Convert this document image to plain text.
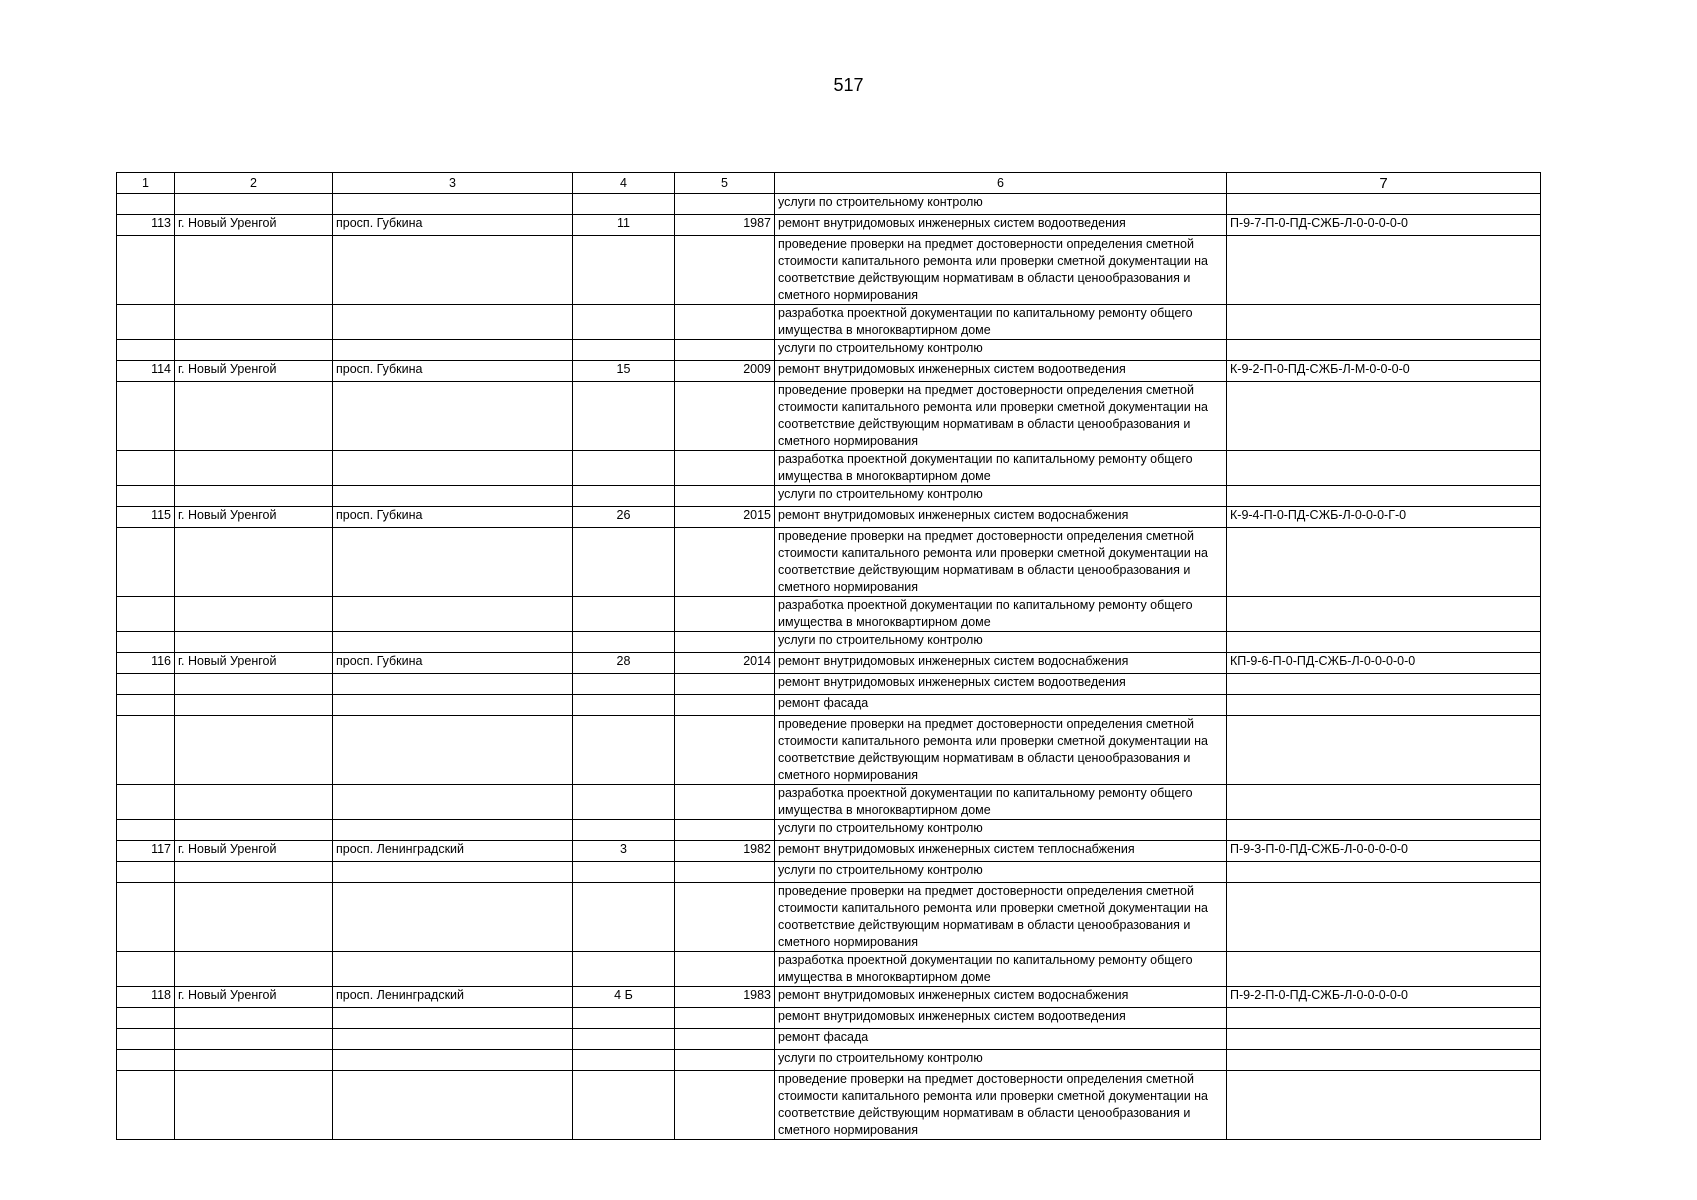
517
1	2	3	4	5	6	7
					услуги по строительному контролю	
113	г. Новый Уренгой	просп. Губкина	11	1987	ремонт внутридомовых инженерных систем водоотведения	П-9-7-П-0-ПД-СЖБ-Л-0-0-0-0-0
					проведение проверки на предмет достоверности определения сметной стоимости капитального ремонта или проверки сметной документации на соответствие действующим нормативам в области ценообразования и сметного нормирования	
					разработка проектной документации по капитальному ремонту общего имущества в многоквартирном доме	
					услуги по строительному контролю	
114	г. Новый Уренгой	просп. Губкина	15	2009	ремонт внутридомовых инженерных систем водоотведения	К-9-2-П-0-ПД-СЖБ-Л-М-0-0-0-0
					проведение проверки на предмет достоверности определения сметной стоимости капитального ремонта или проверки сметной документации на соответствие действующим нормативам в области ценообразования и сметного нормирования	
					разработка проектной документации по капитальному ремонту общего имущества в многоквартирном доме	
					услуги по строительному контролю	
115	г. Новый Уренгой	просп. Губкина	26	2015	ремонт внутридомовых инженерных систем водоснабжения	К-9-4-П-0-ПД-СЖБ-Л-0-0-0-Г-0
					проведение проверки на предмет достоверности определения сметной стоимости капитального ремонта или проверки сметной документации на соответствие действующим нормативам в области ценообразования и сметного нормирования	
					разработка проектной документации по капитальному ремонту общего имущества в многоквартирном доме	
					услуги по строительному контролю	
116	г. Новый Уренгой	просп. Губкина	28	2014	ремонт внутридомовых инженерных систем водоснабжения	КП-9-6-П-0-ПД-СЖБ-Л-0-0-0-0-0
					ремонт внутридомовых инженерных систем водоотведения	
					ремонт фасада	
					проведение проверки на предмет достоверности определения сметной стоимости капитального ремонта или проверки сметной документации на соответствие действующим нормативам в области ценообразования и сметного нормирования	
					разработка проектной документации по капитальному ремонту общего имущества в многоквартирном доме	
					услуги по строительному контролю	
117	г. Новый Уренгой	просп. Ленинградский	3	1982	ремонт внутридомовых инженерных систем теплоснабжения	П-9-3-П-0-ПД-СЖБ-Л-0-0-0-0-0
					услуги по строительному контролю	
					проведение проверки на предмет достоверности определения сметной стоимости капитального ремонта или проверки сметной документации на соответствие действующим нормативам в области ценообразования и сметного нормирования	
					разработка проектной документации по капитальному ремонту общего имущества в многоквартирном доме	
118	г. Новый Уренгой	просп. Ленинградский	4 Б	1983	ремонт внутридомовых инженерных систем водоснабжения	П-9-2-П-0-ПД-СЖБ-Л-0-0-0-0-0
					ремонт внутридомовых инженерных систем водоотведения	
					ремонт фасада	
					услуги по строительному контролю	
					проведение проверки на предмет достоверности определения сметной стоимости капитального ремонта или проверки сметной документации на соответствие действующим нормативам в области ценообразования и сметного нормирования	
